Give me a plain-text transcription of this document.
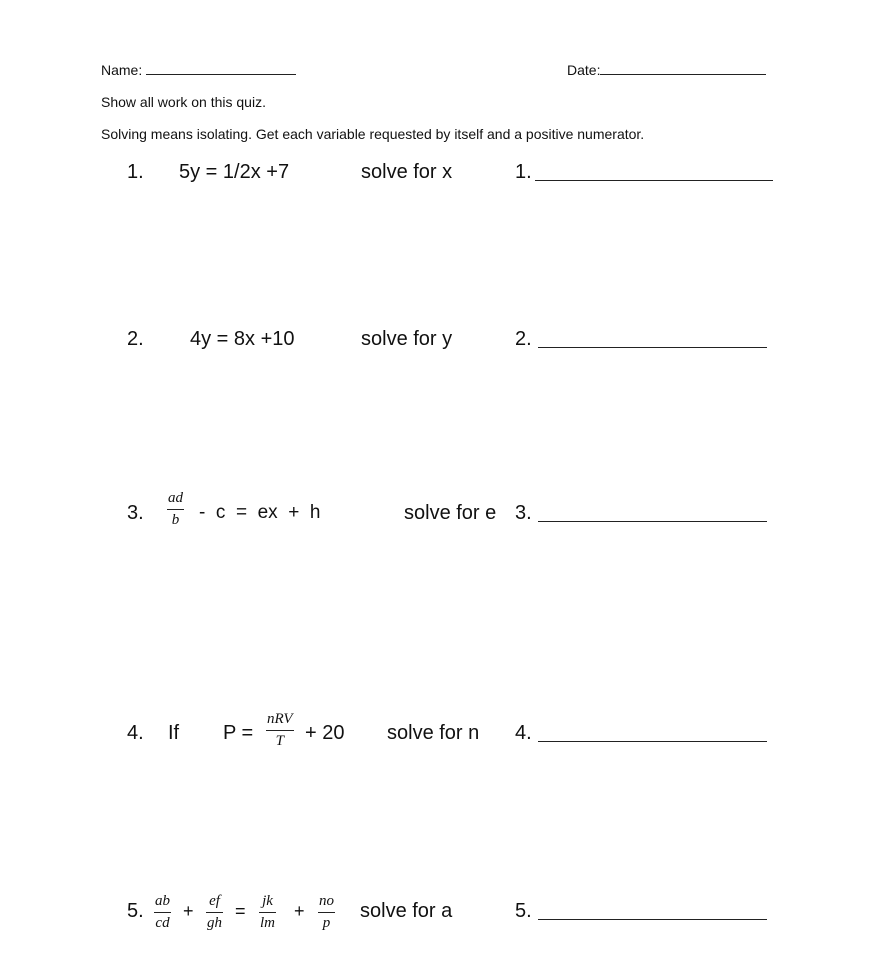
Name:	Date:
Show all work on this quiz.
Solving means isolating. Get each variable requested by itself and a positive numerator.
1. 5y = 1/2x +7	solve for x	1.
2. 4y = 8x +10	solve for y	2.
3.
ad
b -  c  =  ex  +  h	solve for e 3.
4. If P =
nRV
T + 20 solve for n 4.
5. ab
cd
+ ef
gh
= jk
lm
+ no
p
solve for a	5.
